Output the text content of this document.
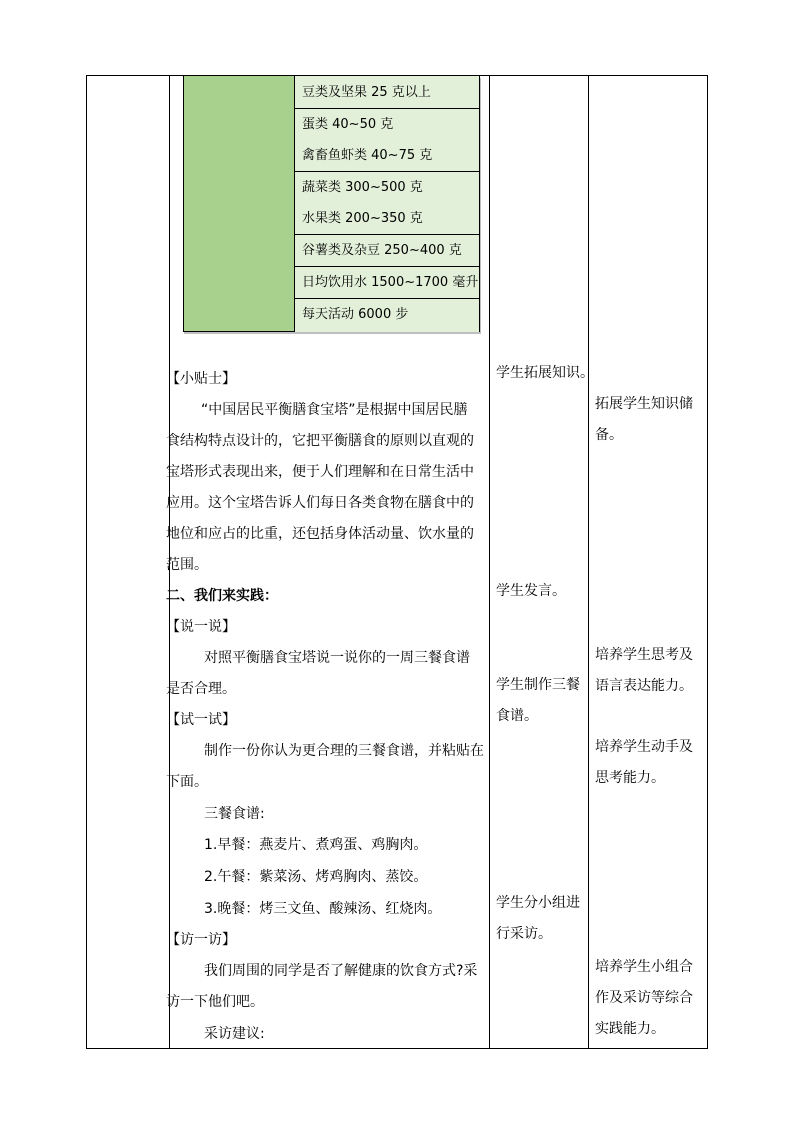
豆类及坚果 25 克以上
蛋类 40~50 克
禽畜鱼虾类 40~75 克
蔬菜类 300~500 克
水果类 200~350 克
谷薯类及杂豆 250~400 克
日均饮用水 1500~1700 毫升
每天活动 6000 步
【小贴士】
“中国居民平衡膳食宝塔”是根据中国居民膳
食结构特点设计的，它把平衡膳食的原则以直观的
宝塔形式表现出来，便于人们理解和在日常生活中
应用。这个宝塔告诉人们每日各类食物在膳食中的
地位和应占的比重，还包括身体活动量、饮水量的
范围。
二、我们来实践：
【说一说】
对照平衡膳食宝塔说一说你的一周三餐食谱
是否合理。
【试一试】
制作一份你认为更合理的三餐食谱，并粘贴在
下面。
三餐食谱:
1.早餐：燕麦片、煮鸡蛋、鸡胸肉。
2.午餐：紫菜汤、烤鸡胸肉、蒸饺。
3.晚餐：烤三文鱼、酸辣汤、红烧肉。
【访一访】
我们周围的同学是否了解健康的饮食方式?采
访一下他们吧。
采访建议:
学生拓展知识。
学生发言。
学生制作三餐
食谱。
学生分小组进
行采访。
拓展学生知识储
备。
培养学生思考及
语言表达能力。
培养学生动手及
思考能力。
培养学生小组合
作及采访等综合
实践能力。
